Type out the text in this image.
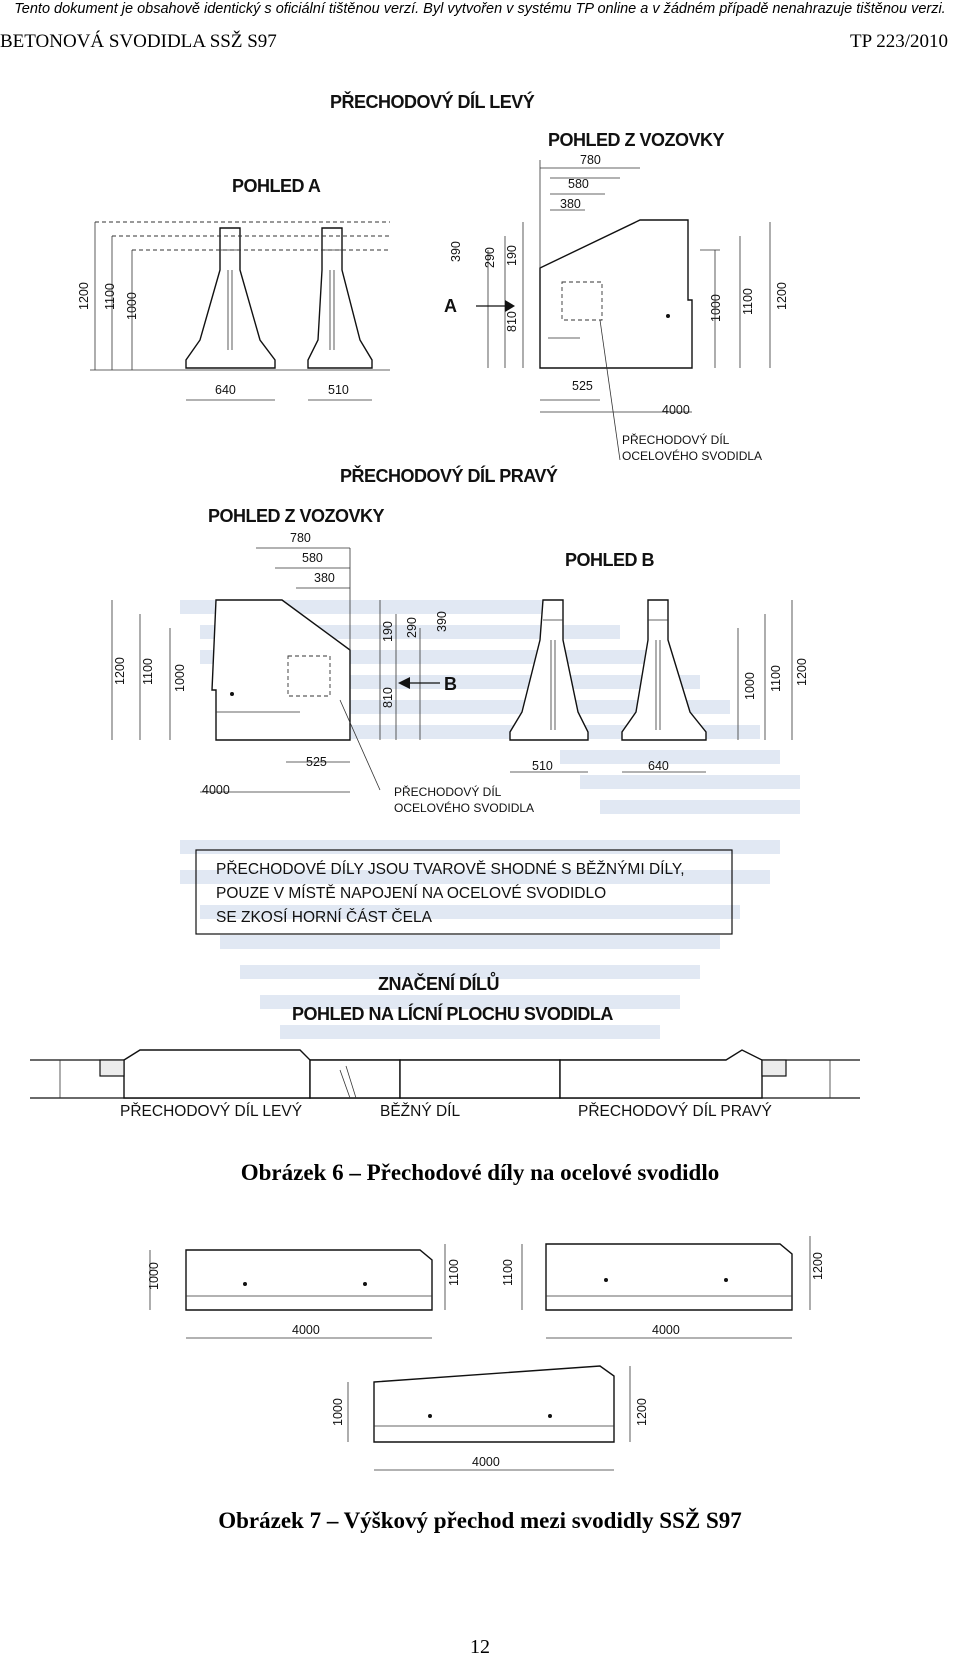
Tento dokument je obsahově identický s oficiální tištěnou verzí. Byl vytvořen v systému TP online a v žádném případě nenahrazuje tištěnou verzi.
BETONOVÁ SVODIDLA SSŽ S97	TP 223/2010
PŘECHODOVÝ DÍL LEVÝ
POHLED A
POHLED Z VOZOVKY
1200 1100 1000
640	510
A
780
580
380
390 290 190
810	1000 1100 1200
525
4000
PŘECHODOVÝ DÍL
OCELOVÉHO SVODIDLA
PŘECHODOVÝ DÍL PRAVÝ
POHLED Z VOZOVKY
POHLED B
B
780
580
380
190 290 390
1200 1100 1000
810
525
4000	PŘECHODOVÝ DÍL
OCELOVÉHO SVODIDLA
1000 1100 1200
510	640
PŘECHODOVÉ DÍLY JSOU TVAROVĚ SHODNÉ S BĚŽNÝMI DÍLY,
POUZE V MÍSTĚ NAPOJENÍ NA OCELOVÉ SVODIDLO
SE ZKOSÍ HORNÍ ČÁST ČELA
ZNAČENÍ DÍLŮ
POHLED NA LÍCNÍ PLOCHU SVODIDLA
PŘECHODOVÝ DÍL LEVÝ	BĚŽNÝ DÍL	PŘECHODOVÝ DÍL PRAVÝ
Obrázek 6 – Přechodové díly na ocelové svodidlo
1000	1100
4000
1100	1200
4000
1000	1200
4000
Obrázek 7 – Výškový přechod mezi svodidly SSŽ S97
12
